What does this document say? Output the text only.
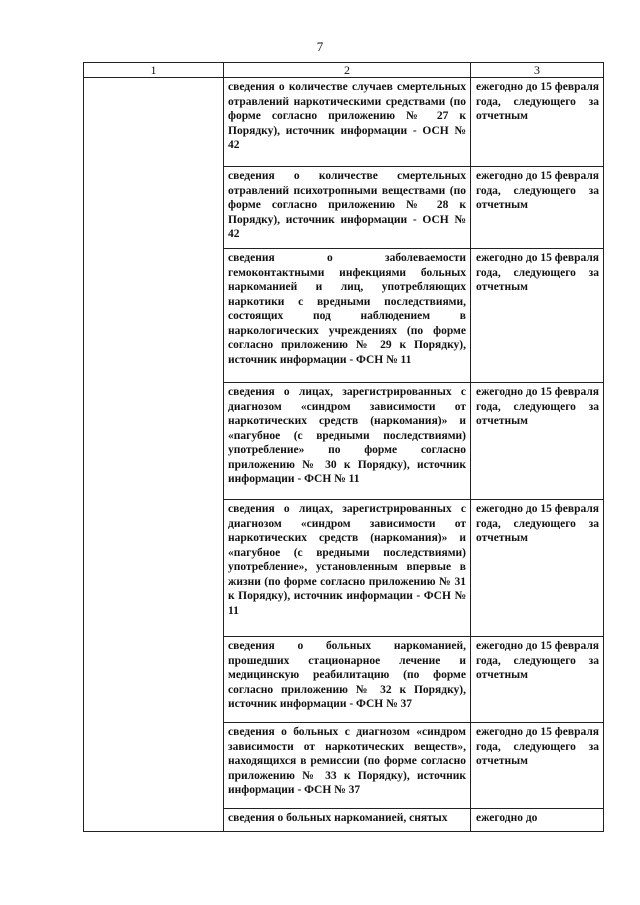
7
1	2	3

	сведения о количестве случаев смертельных отравлений наркотическими средствами (по форме согласно приложению № 27 к Порядку), источник информации - ОСН № 42	ежегодно до 15 февраля года, следующего за отчетным

	сведения о количестве смертельных отравлений психотропными веществами (по форме согласно приложению № 28 к Порядку), источник информации - ОСН № 42	ежегодно до 15 февраля года, следующего за отчетным

	сведения о заболеваемости гемоконтактными инфекциями больных наркоманией и лиц, употребляющих наркотики с вредными последствиями, состоящих под наблюдением в наркологических учреждениях (по форме согласно приложению № 29 к Порядку), источник информации - ФСН № 11	ежегодно до 15 февраля года, следующего за отчетным

	сведения о лицах, зарегистрированных с диагнозом «синдром зависимости от наркотических средств (наркомания)» и «пагубное (с вредными последствиями) употребление» по форме согласно приложению № 30 к Порядку), источник информации - ФСН № 11	ежегодно до 15 февраля года, следующего за отчетным

	сведения о лицах, зарегистрированных с диагнозом «синдром зависимости от наркотических средств (наркомания)» и «пагубное (с вредными последствиями) употребление», установленным впервые в жизни (по форме согласно приложению № 31 к Порядку), источник информации - ФСН № 11	ежегодно до 15 февраля года, следующего за отчетным

	сведения о больных наркоманией, прошедших стационарное лечение и медицинскую реабилитацию (по форме согласно приложению № 32 к Порядку), источник информации - ФСН № 37	ежегодно до 15 февраля года, следующего за отчетным

	сведения о больных с диагнозом «синдром зависимости от наркотических веществ», находящихся в ремиссии (по форме согласно приложению № 33 к Порядку), источник информации - ФСН № 37	ежегодно до 15 февраля года, следующего за отчетным

	сведения о больных наркоманией, снятых	ежегодно до
